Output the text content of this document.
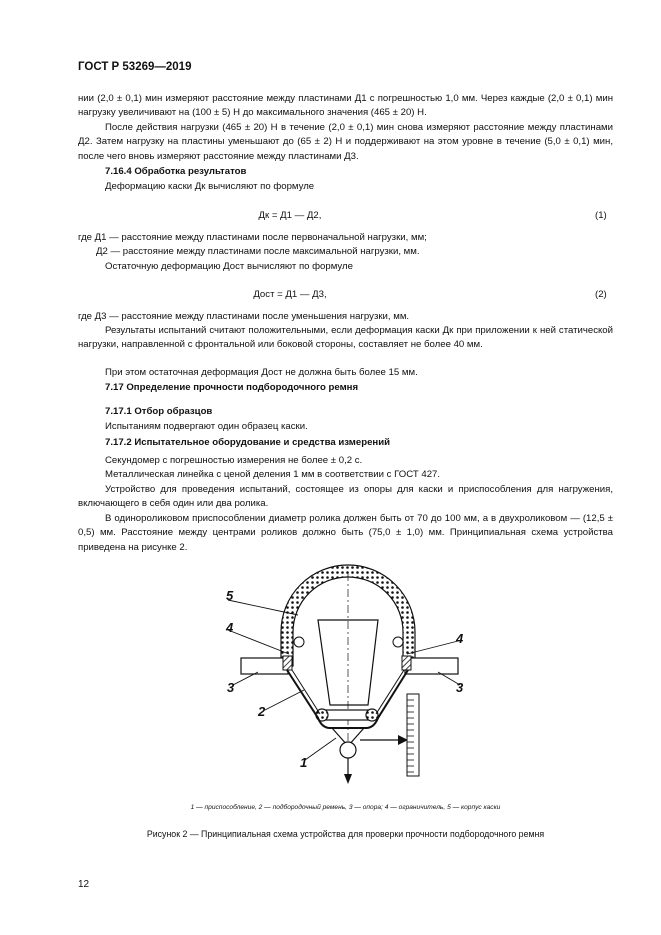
ГОСТ Р 53269—2019

нии (2,0 ± 0,1) мин измеряют расстояние между пластинами Д1 с погрешностью 1,0 мм. Через каждые (2,0 ± 0,1) мин нагрузку увеличивают на (100 ± 5) Н до максимального значения (465 ± 20) Н.

После действия нагрузки (465 ± 20) Н в течение (2,0 ± 0,1) мин снова измеряют расстояние между пластинами Д2. Затем нагрузку на пластины уменьшают до (65 ± 2) Н и поддерживают на этом уровне в течение (5,0 ± 0,1) мин, после чего вновь измеряют расстояние между пластинами Д3.

7.16.4 Обработка результатов

Деформацию каски Дк вычисляют по формуле

Дк = Д1 — Д2,	(1)

где Д1 — расстояние между пластинами после первоначальной нагрузки, мм;

Д2 — расстояние между пластинами после максимальной нагрузки, мм.

Остаточную деформацию Дост вычисляют по формуле

Дост = Д1 — Д3,	(2)

где Д3 — расстояние между пластинами после уменьшения нагрузки, мм.

Результаты испытаний считают положительными, если деформация каски Дк при приложении к ней статической нагрузки, направленной с фронтальной или боковой стороны, составляет не более 40 мм.

При этом остаточная деформация Дост не должна быть более 15 мм.

7.17 Определение прочности подбородочного ремня

7.17.1 Отбор образцов

Испытаниям подвергают один образец каски.

7.17.2 Испытательное оборудование и средства измерений

Секундомер с погрешностью измерения не более ± 0,2 с.

Металлическая линейка с ценой деления 1 мм в соответствии с ГОСТ 427.

Устройство для проведения испытаний, состоящее из опоры для каски и приспособления для нагружения, включающего в себя один или два ролика.

В одинороликовом приспособлении диаметр ролика должен быть от 70 до 100 мм, а в двухроликовом — (12,5 ± 0,5) мм. Расстояние между центрами роликов должно быть (75,0 ± 1,0) мм. Принципиальная схема устройства приведена на рисунке 2.

5
4
4
3	3
2
1
1 — приспособление, 2 — подбородочный ремень, 3 — опора; 4 — ограничитель, 5 — корпус каски
Рисунок 2 — Принципиальная схема устройства для проверки прочности подбородочного ремня
12
